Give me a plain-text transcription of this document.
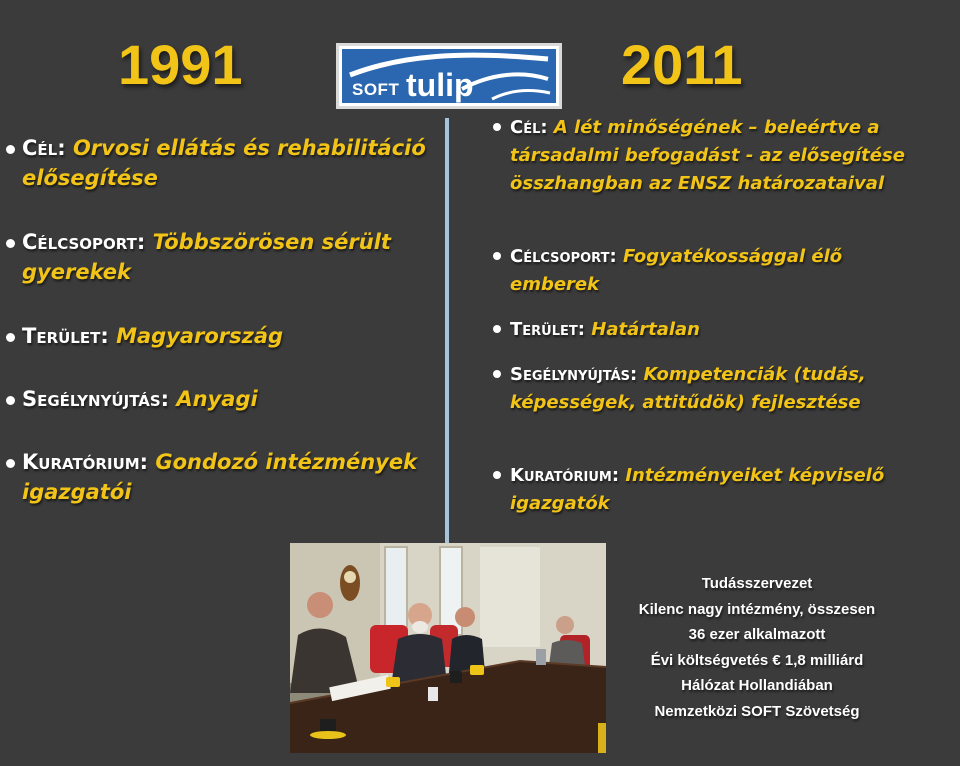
1991	2011
SOFT tulip
Cél: Orvosi ellátás és rehabilitáció elősegítése
Célcsoport: Többszörösen sérült gyerekek
Terület: Magyarország
Segélynyújtás: Anyagi
Kuratórium: Gondozó intézmények igazgatói
Cél: A lét minőségének – beleértve a társadalmi befogadást - az elősegítése összhangban az ENSZ határozataival
Célcsoport: Fogyatékossággal élő emberek
Terület: Határtalan
Segélynyújtás: Kompetenciák (tudás, képességek, attitűdök) fejlesztése
Kuratórium: Intézményeiket képviselő igazgatók
Tudásszervezet
Kilenc nagy intézmény, összesen
36 ezer alkalmazott
Évi költségvetés € 1,8 milliárd
Hálózat Hollandiában
Nemzetközi SOFT Szövetség
